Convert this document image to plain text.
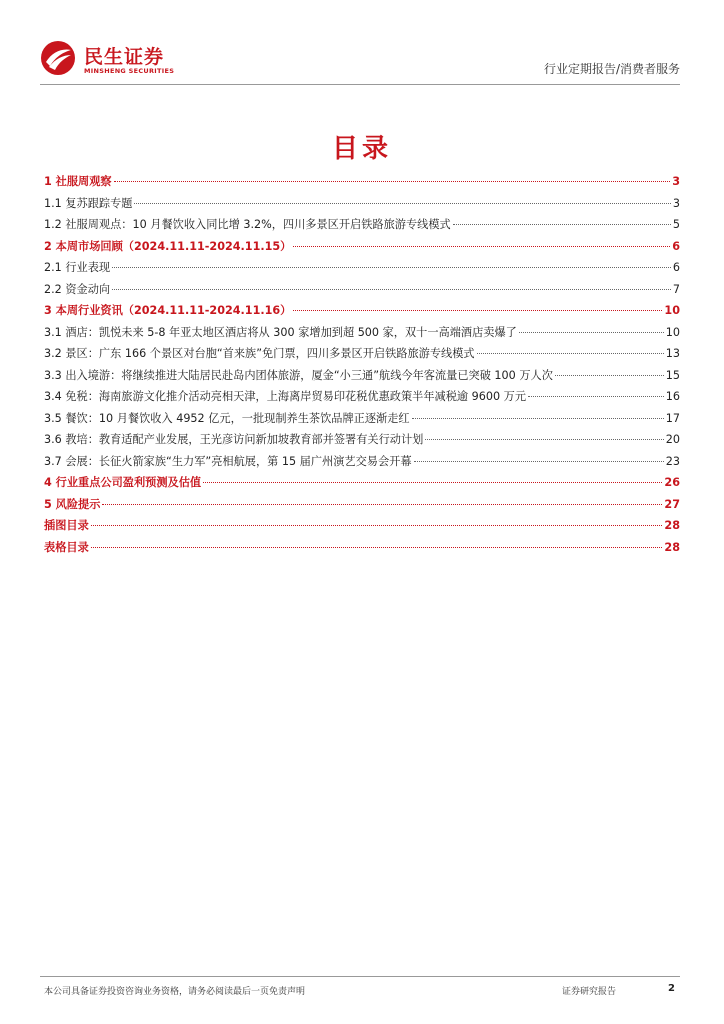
民生证券
MINSHENG SECURITIES	行业定期报告/消费者服务
目录
1 社服周观察	3
1.1 复苏跟踪专题	3
1.2 社服周观点：10 月餐饮收入同比增 3.2%，四川多景区开启铁路旅游专线模式	5
2 本周市场回顾（2024.11.11-2024.11.15）	6
2.1 行业表现	6
2.2 资金动向	7
3 本周行业资讯（2024.11.11-2024.11.16）	10
3.1 酒店：凯悦未来 5-8 年亚太地区酒店将从 300 家增加到超 500 家，双十一高端酒店卖爆了	10
3.2 景区：广东 166 个景区对台胞“首来族”免门票，四川多景区开启铁路旅游专线模式	13
3.3 出入境游：将继续推进大陆居民赴岛内团体旅游，厦金“小三通”航线今年客流量已突破 100 万人次	15
3.4 免税：海南旅游文化推介活动亮相天津，上海离岸贸易印花税优惠政策半年减税逾 9600 万元	16
3.5 餐饮：10 月餐饮收入 4952 亿元，一批现制养生茶饮品牌正逐渐走红	17
3.6 教培：教育适配产业发展，王光彦访问新加坡教育部并签署有关行动计划	20
3.7 会展：长征火箭家族“生力军”亮相航展，第 15 届广州演艺交易会开幕	23
4 行业重点公司盈利预测及估值	26
5 风险提示	27
插图目录	28
表格目录	28
本公司具备证券投资咨询业务资格，请务必阅读最后一页免责声明	证券研究报告	2
